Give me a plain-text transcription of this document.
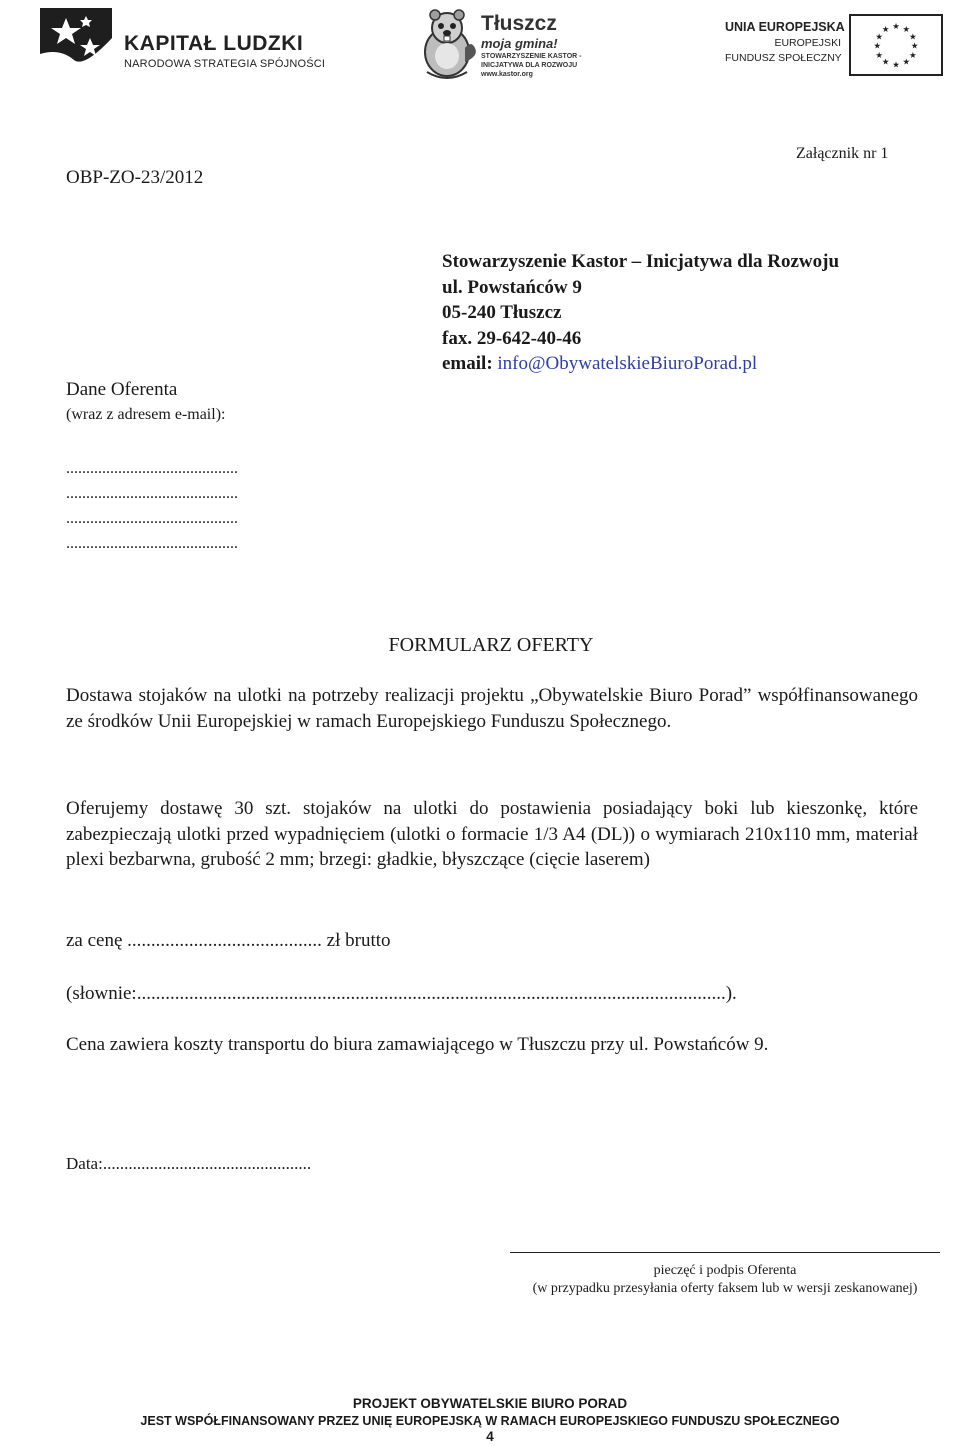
KAPITAŁ LUDZKI
NARODOWA STRATEGIA SPÓJNOŚCI
Tłuszcz
moja gmina!
STOWARZYSZENIE KASTOR -
INICJATYWA DLA ROZWOJU
www.kastor.org
UNIA EUROPEJSKA
EUROPEJSKI
FUNDUSZ SPOŁECZNY
★ ★
★
★
★
★
★
★
★
★
★
★
OBP-ZO-23/2012
Załącznik nr 1
Stowarzyszenie Kastor – Inicjatywa dla Rozwoju
ul. Powstańców 9
05-240 Tłuszcz
fax. 29-642-40-46
email: info@ObywatelskieBiuroPorad.pl
Dane Oferenta
(wraz z adresem e-mail):
...........................................
...........................................
...........................................
...........................................
FORMULARZ OFERTY

Dostawa stojaków na ulotki na potrzeby realizacji projektu „Obywatelskie Biuro Porad” współfinansowanego ze środków Unii Europejskiej w ramach Europejskiego Funduszu Społecznego.

Oferujemy dostawę 30 szt. stojaków na ulotki do postawienia posiadający boki lub kieszonkę, które zabezpieczają ulotki przed wypadnięciem (ulotki o formacie 1/3 A4 (DL)) o wymiarach 210x110 mm, materiał plexi bezbarwna, grubość 2 mm; brzegi: gładkie, błyszczące (cięcie laserem)

za cenę ......................................... zł brutto
(słownie:............................................................................................................................).
Cena zawiera koszty transportu do biura zamawiającego w Tłuszczu przy ul. Powstańców 9.
Data:.................................................
pieczęć i podpis Oferenta
(w przypadku przesyłania oferty faksem lub w wersji zeskanowanej)
PROJEKT OBYWATELSKIE BIURO PORAD
JEST WSPÓŁFINANSOWANY PRZEZ UNIĘ EUROPEJSKĄ W RAMACH EUROPEJSKIEGO FUNDUSZU SPOŁECZNEGO
4
